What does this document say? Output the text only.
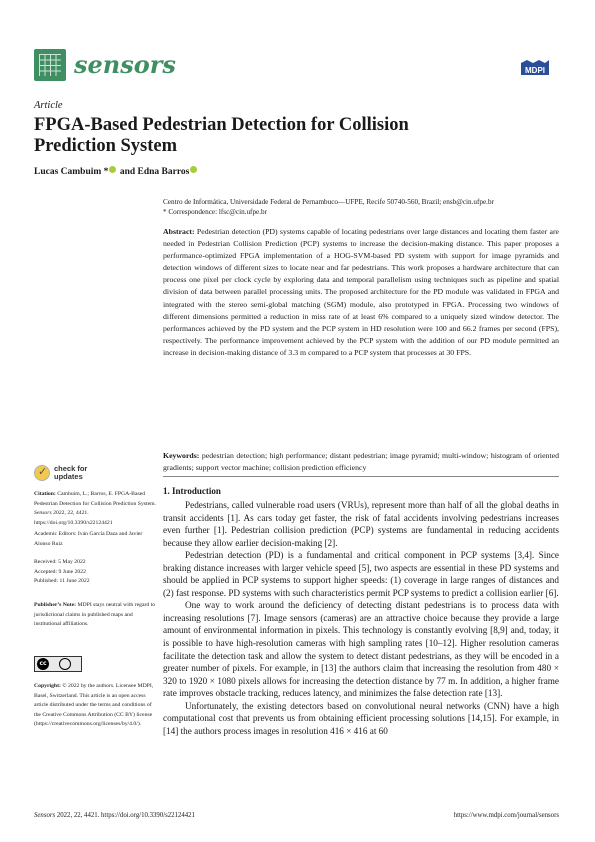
sensors	MDPI
Article
FPGA-Based Pedestrian Detection for Collision Prediction System
Lucas Cambuim * and Edna Barros
Centro de Informática, Universidade Federal de Pernambuco—UFPE, Recife 50740-560, Brazil; ensb@cin.ufpe.br
* Correspondence: lfsc@cin.ufpe.br
Abstract: Pedestrian detection (PD) systems capable of locating pedestrians over large distances and locating them faster are needed in Pedestrian Collision Prediction (PCP) systems to increase the decision-making distance. This paper proposes a performance-optimized FPGA implementation of a HOG-SVM-based PD system with support for image pyramids and detection windows of different sizes to locate near and far pedestrians. This work proposes a hardware architecture that can process one pixel per clock cycle by exploring data and temporal parallelism using techniques such as pipeline and spatial division of data between parallel processing units. The proposed architecture for the PD module was validated in FPGA and integrated with the stereo semi-global matching (SGM) module, also prototyped in FPGA. Processing two windows of different dimensions permitted a reduction in miss rate of at least 6% compared to a uniquely sized window detector. The performances achieved by the PD system and the PCP system in HD resolution were 100 and 66.2 frames per second (FPS), respectively. The performance improvement achieved by the PCP system with the addition of our PD module permitted an increase in decision-making distance of 3.3 m compared to a PCP system that processes at 30 FPS.
Keywords: pedestrian detection; high performance; distant pedestrian; image pyramid; multi-window; histogram of oriented gradients; support vector machine; collision prediction efficiency
✓ check for
updates
Citation: Cambuim, L.; Barros, E. FPGA-Based Pedestrian Detection for Collision Prediction System. Sensors 2022, 22, 4421. https://doi.org/10.3390/s22124421
Academic Editors: Iván García Daza and Javier Alonso Ruiz
Received: 5 May 2022
Accepted: 9 June 2022
Published: 11 June 2022
Publisher’s Note: MDPI stays neutral with regard to jurisdictional claims in published maps and institutional affiliations.
cc
Copyright: © 2022 by the authors. Licensee MDPI, Basel, Switzerland. This article is an open access article distributed under the terms and conditions of the Creative Commons Attribution (CC BY) license (https://creativecommons.org/licenses/by/4.0/).
1. Introduction

Pedestrians, called vulnerable road users (VRUs), represent more than half of all the global deaths in transit accidents [1]. As cars today get faster, the risk of fatal accidents involving pedestrians increases even further [1]. Pedestrian collision prediction (PCP) systems are fundamental in reducing accidents because they allow earlier decision-making [2].

Pedestrian detection (PD) is a fundamental and critical component in PCP systems [3,4]. Since braking distance increases with larger vehicle speed [5], two aspects are essential in these PD systems and should be applied in PCP systems to support higher speeds: (1) coverage in large ranges of distances and (2) fast response. PD systems with such characteristics permit PCP systems to predict a collision earlier [6].

One way to work around the deficiency of detecting distant pedestrians is to process data with increasing resolutions [7]. Image sensors (cameras) are an attractive choice because they provide a large amount of environmental information in pixels. This technology is constantly evolving [8,9] and, today, it is possible to have high-resolution cameras with high sampling rates [10–12]. Higher resolution cameras facilitate the detection task and allow the system to detect distant pedestrians, as they will be encoded in a greater number of pixels. For example, in [13] the authors claim that increasing the resolution from 480 × 320 to 1920 × 1080 pixels allows for increasing the detection distance by 77 m. In addition, a higher frame rate improves obstacle tracking, reduces latency, and minimizes the false detection rate [13].

Unfortunately, the existing detectors based on convolutional neural networks (CNN) have a high computational cost that prevents us from obtaining efficient processing solutions [14,15]. For example, in [14] the authors process images in resolution 416 × 416 at 60

Sensors 2022, 22, 4421. https://doi.org/10.3390/s22124421	https://www.mdpi.com/journal/sensors
